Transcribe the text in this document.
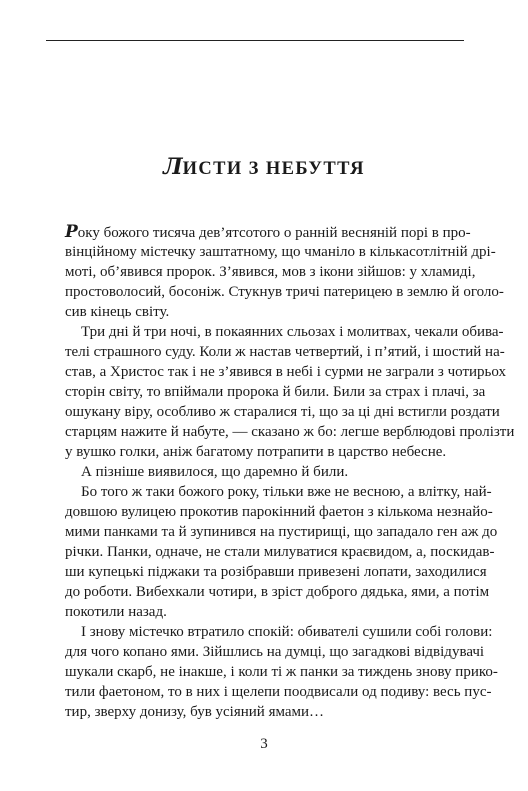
ЛИСТИ З НЕБУТТЯ
Року божого тисяча дев’ятсотого о ранній весняній порі в про-
вінційному містечку заштатному, що чманіло в кількасотлітній дрі-
моті, об’явився пророк. З’явився, мов з ікони зійшов: у хламиді,
простоволосий, босоніж. Стукнув тричі патерицею в землю й оголо-
сив кінець світу.
Три дні й три ночі, в покаянних сльозах і молитвах, чекали обива-
телі страшного суду. Коли ж настав четвертий, і п’ятий, і шостий на-
став, а Христос так і не з’явився в небі і сурми не заграли з чотирьох
сторін світу, то впіймали пророка й били. Били за страх і плачі, за
ошукану віру, особливо ж старалися ті, що за ці дні встигли роздати
старцям нажите й набуте, — сказано ж бо: легше верблюдові пролізти
у вушко голки, аніж багатому потрапити в царство небесне.
А пізніше виявилося, що даремно й били.
Бо того ж таки божого року, тільки вже не весною, а влітку, най-
довшою вулицею прокотив парокінний фаетон з кількома незнайо-
мими панками та й зупинився на пустирищі, що западало ген аж до
річки. Панки, одначе, не стали милуватися краєвидом, а, поскидав-
ши купецькі піджаки та розібравши привезені лопати, заходилися
до роботи. Вибехкали чотири, в зріст доброго дядька, ями, а потім
покотили назад.
І знову містечко втратило спокій: обивателі сушили собі голови:
для чого копано ями. Зійшлись на думці, що загадкові відвідувачі
шукали скарб, не інакше, і коли ті ж панки за тиждень знову прико-
тили фаетоном, то в них і щелепи поодвисали од подиву: весь пус-
тир, зверху донизу, був усіяний ямами…
3
